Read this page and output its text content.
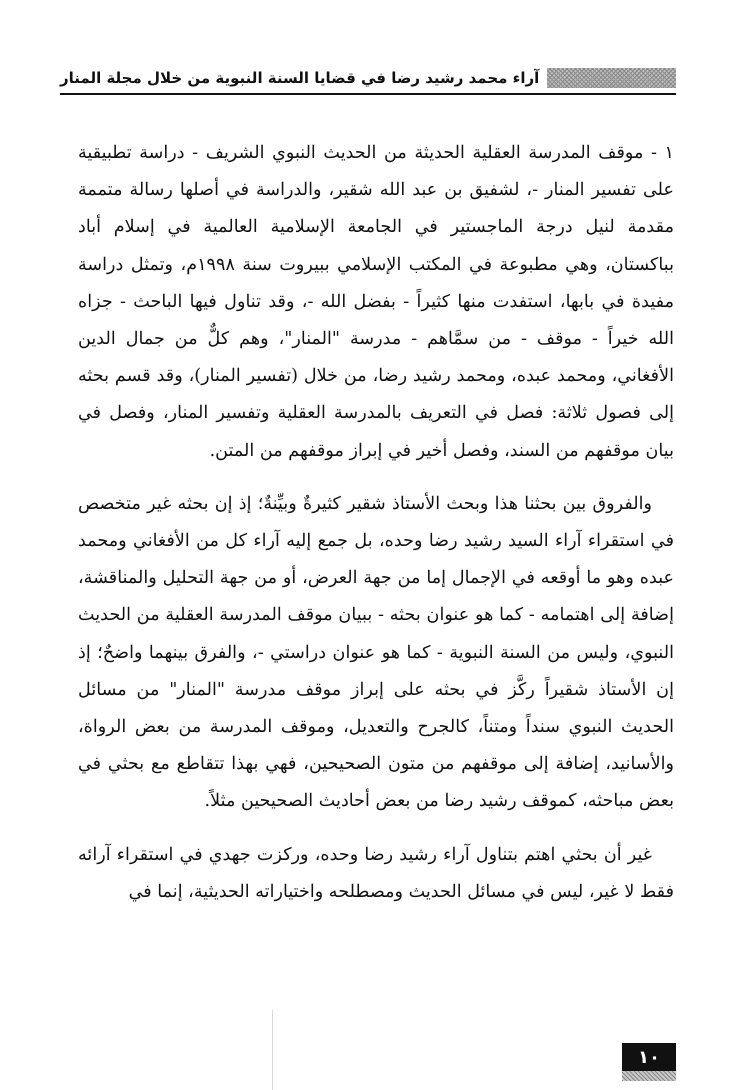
آراء محمد رشيد رضا في قضايا السنة النبوية من خلال مجلة المنار

١ - موقف المدرسة العقلية الحديثة من الحديث النبوي الشريف - دراسة تطبيقية على تفسير المنار -، لشفيق بن عبد الله شقير، والدراسة في أصلها رسالة متممة مقدمة لنيل درجة الماجستير في الجامعة الإسلامية العالمية في إسلام أباد بباكستان، وهي مطبوعة في المكتب الإسلامي ببيروت سنة ١٩٩٨م، وتمثل دراسة مفيدة في بابها، استفدت منها كثيراً - بفضل الله -، وقد تناول فيها الباحث - جزاه الله خيراً - موقف - من سمَّاهم - مدرسة "المنار"، وهم كلٌّ من جمال الدين الأفغاني، ومحمد عبده، ومحمد رشيد رضا، من خلال (تفسير المنار)، وقد قسم بحثه إلى فصول ثلاثة: فصل في التعريف بالمدرسة العقلية وتفسير المنار، وفصل في بيان موقفهم من السند، وفصل أخير في إبراز موقفهم من المتن.

والفروق بين بحثنا هذا وبحث الأستاذ شقير كثيرةٌ وبيِّنةٌ؛ إذ إن بحثه غير متخصص في استقراء آراء السيد رشيد رضا وحده، بل جمع إليه آراء كل من الأفغاني ومحمد عبده وهو ما أوقعه في الإجمال إما من جهة العرض، أو من جهة التحليل والمناقشة، إضافة إلى اهتمامه - كما هو عنوان بحثه - ببيان موقف المدرسة العقلية من الحديث النبوي، وليس من السنة النبوية - كما هو عنوان دراستي -، والفرق بينهما واضحٌ؛ إذ إن الأستاذ شقيراً ركَّز في بحثه على إبراز موقف مدرسة "المنار" من مسائل الحديث النبوي سنداً ومتناً، كالجرح والتعديل، وموقف المدرسة من بعض الرواة، والأسانيد، إضافة إلى موقفهم من متون الصحيحين، فهي بهذا تتقاطع مع بحثي في بعض مباحثه، كموقف رشيد رضا من بعض أحاديث الصحيحين مثلاً.

غير أن بحثي اهتم بتناول آراء رشيد رضا وحده، وركزت جهدي في استقراء آرائه فقط لا غير، ليس في مسائل الحديث ومصطلحه واختياراته الحديثية، إنما في

١٠
